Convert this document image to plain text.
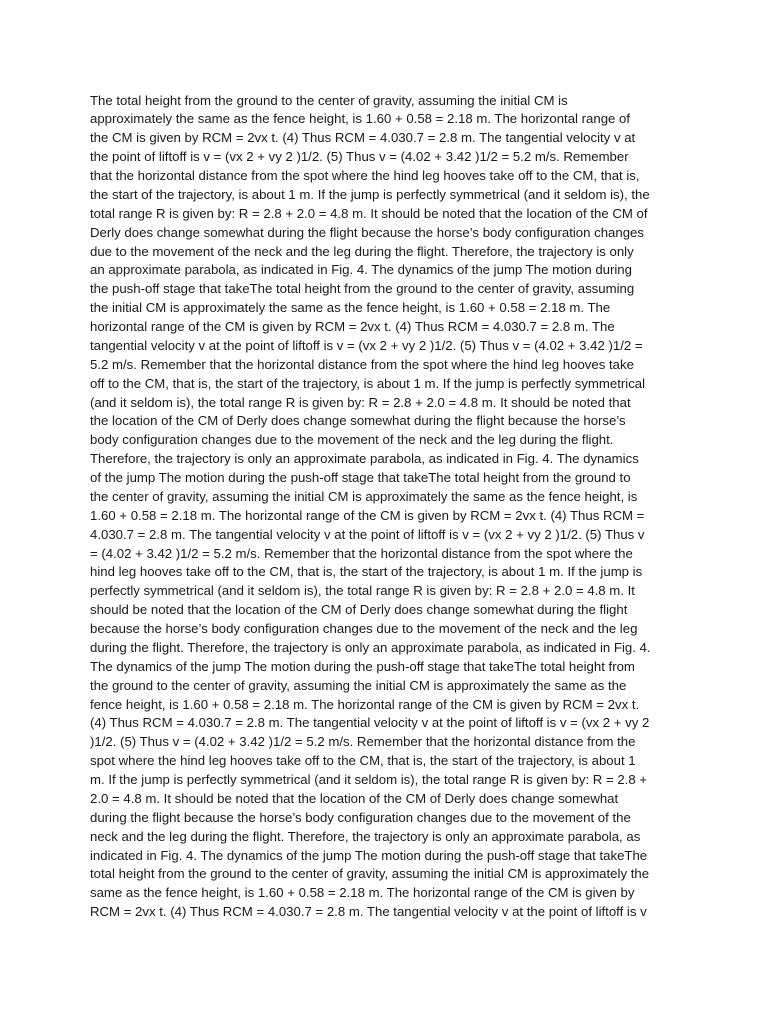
The total height from the ground to the center of gravity, assuming the initial CM is
approximately the same as the fence height, is 1.60 + 0.58 = 2.18 m. The horizontal range of
the CM is given by RCM = 2vx t. (4) Thus RCM = 4.030.7 = 2.8 m. The tangential velocity v at
the point of liftoff is v = (vx 2 + vy 2 )1/2. (5) Thus v = (4.02 + 3.42 )1/2 = 5.2 m/s. Remember
that the horizontal distance from the spot where the hind leg hooves take off to the CM, that is,
the start of the trajectory, is about 1 m. If the jump is perfectly symmetrical (and it seldom is), the
total range R is given by: R = 2.8 + 2.0 = 4.8 m. It should be noted that the location of the CM of
Derly does change somewhat during the flight because the horse’s body configuration changes
due to the movement of the neck and the leg during the flight. Therefore, the trajectory is only
an approximate parabola, as indicated in Fig. 4. The dynamics of the jump The motion during
the push-off stage that takeThe total height from the ground to the center of gravity, assuming
the initial CM is approximately the same as the fence height, is 1.60 + 0.58 = 2.18 m. The
horizontal range of the CM is given by RCM = 2vx t. (4) Thus RCM = 4.030.7 = 2.8 m. The
tangential velocity v at the point of liftoff is v = (vx 2 + vy 2 )1/2. (5) Thus v = (4.02 + 3.42 )1/2 =
5.2 m/s. Remember that the horizontal distance from the spot where the hind leg hooves take
off to the CM, that is, the start of the trajectory, is about 1 m. If the jump is perfectly symmetrical
(and it seldom is), the total range R is given by: R = 2.8 + 2.0 = 4.8 m. It should be noted that
the location of the CM of Derly does change somewhat during the flight because the horse’s
body configuration changes due to the movement of the neck and the leg during the flight.
Therefore, the trajectory is only an approximate parabola, as indicated in Fig. 4. The dynamics
of the jump The motion during the push-off stage that takeThe total height from the ground to
the center of gravity, assuming the initial CM is approximately the same as the fence height, is
1.60 + 0.58 = 2.18 m. The horizontal range of the CM is given by RCM = 2vx t. (4) Thus RCM =
4.030.7 = 2.8 m. The tangential velocity v at the point of liftoff is v = (vx 2 + vy 2 )1/2. (5) Thus v
= (4.02 + 3.42 )1/2 = 5.2 m/s. Remember that the horizontal distance from the spot where the
hind leg hooves take off to the CM, that is, the start of the trajectory, is about 1 m. If the jump is
perfectly symmetrical (and it seldom is), the total range R is given by: R = 2.8 + 2.0 = 4.8 m. It
should be noted that the location of the CM of Derly does change somewhat during the flight
because the horse’s body configuration changes due to the movement of the neck and the leg
during the flight. Therefore, the trajectory is only an approximate parabola, as indicated in Fig. 4.
The dynamics of the jump The motion during the push-off stage that takeThe total height from
the ground to the center of gravity, assuming the initial CM is approximately the same as the
fence height, is 1.60 + 0.58 = 2.18 m. The horizontal range of the CM is given by RCM = 2vx t.
(4) Thus RCM = 4.030.7 = 2.8 m. The tangential velocity v at the point of liftoff is v = (vx 2 + vy 2
)1/2. (5) Thus v = (4.02 + 3.42 )1/2 = 5.2 m/s. Remember that the horizontal distance from the
spot where the hind leg hooves take off to the CM, that is, the start of the trajectory, is about 1
m. If the jump is perfectly symmetrical (and it seldom is), the total range R is given by: R = 2.8 +
2.0 = 4.8 m. It should be noted that the location of the CM of Derly does change somewhat
during the flight because the horse’s body configuration changes due to the movement of the
neck and the leg during the flight. Therefore, the trajectory is only an approximate parabola, as
indicated in Fig. 4. The dynamics of the jump The motion during the push-off stage that takeThe
total height from the ground to the center of gravity, assuming the initial CM is approximately the
same as the fence height, is 1.60 + 0.58 = 2.18 m. The horizontal range of the CM is given by
RCM = 2vx t. (4) Thus RCM = 4.030.7 = 2.8 m. The tangential velocity v at the point of liftoff is v
